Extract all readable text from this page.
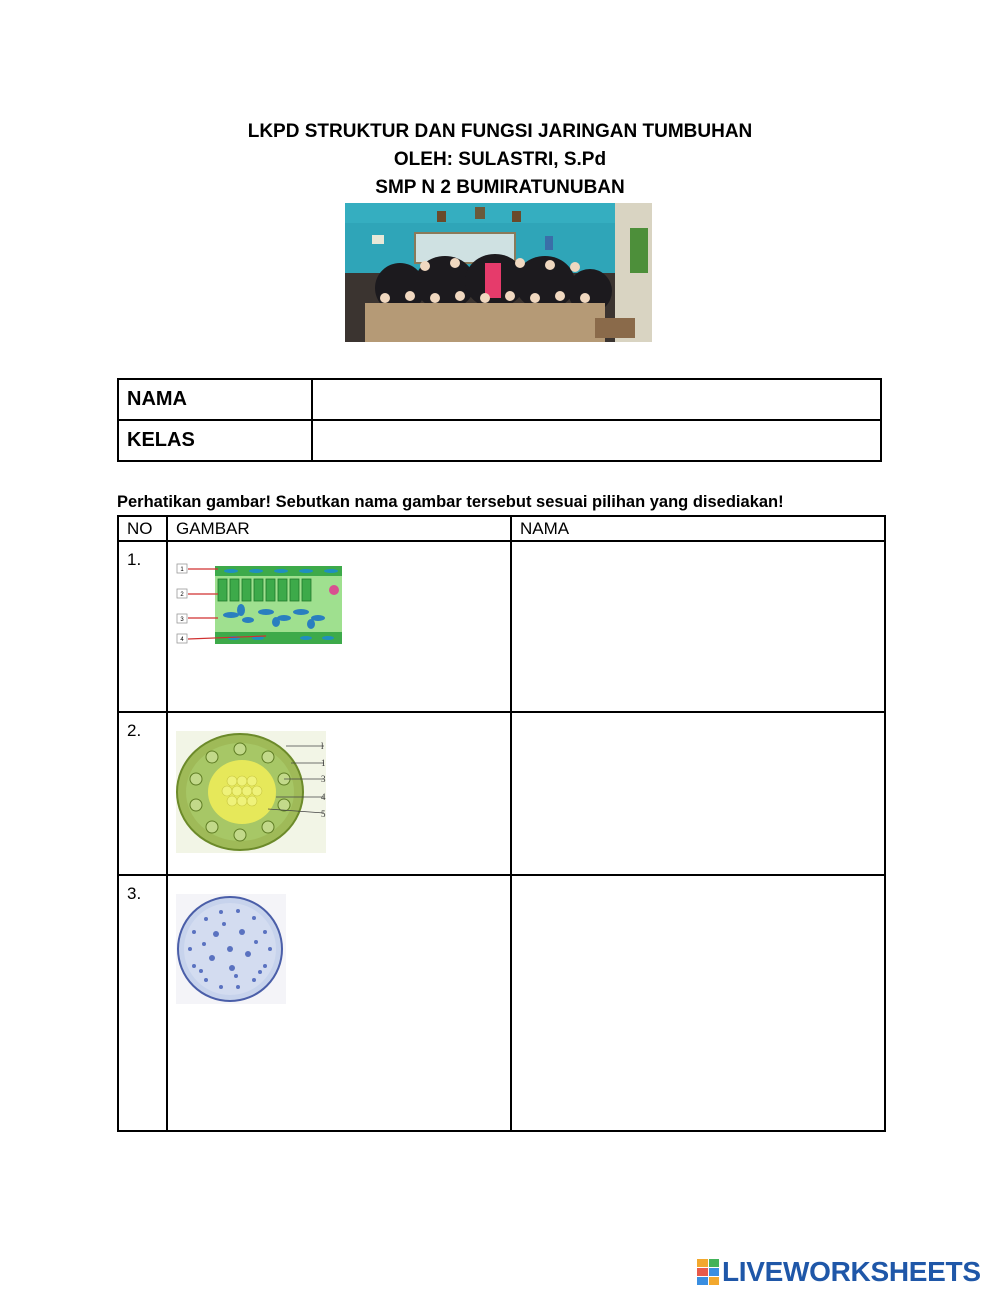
LKPD STRUKTUR DAN FUNGSI JARINGAN TUMBUHAN
OLEH: SULASTRI, S.Pd
SMP N 2 BUMIRATUNUBAN
NAMA	
KELAS	
Perhatikan gambar! Sebutkan nama gambar tersebut sesuai pilihan yang disediakan!
NO	GAMBAR	NAMA
1.	1
2
3
4	

2.	l
1
3
4
5	

3.	

LIVEWORKSHEETS
